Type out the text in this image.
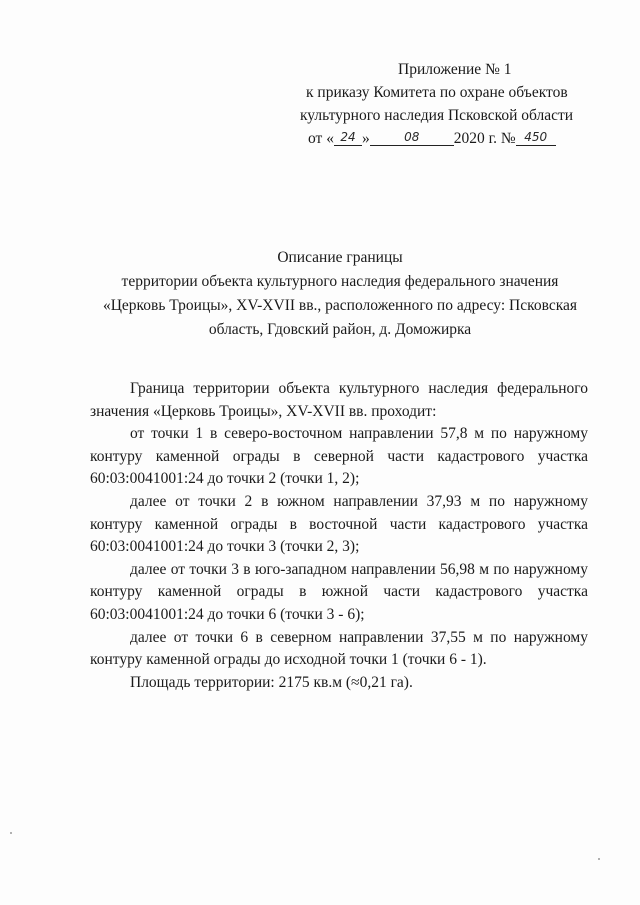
Приложение № 1
к приказу Комитета по охране объектов
культурного наследия Псковской области
от « 24 »	08 2020 г. № 450
Описание границы
территории объекта культурного наследия федерального значения
«Церковь Троицы», XV-XVII вв., расположенного по адресу: Псковская
область, Гдовский район, д. Доможирка

Граница территории объекта культурного наследия федерального значения «Церковь Троицы», XV-XVII вв. проходит:

от точки 1 в северо-восточном направлении 57,8 м по наружному контуру каменной ограды в северной части кадастрового участка 60:03:0041001:24 до точки 2 (точки 1, 2);

далее от точки 2 в южном направлении 37,93 м по наружному контуру каменной ограды в восточной части кадастрового участка 60:03:0041001:24 до точки 3 (точки 2, 3);

далее от точки 3 в юго-западном направлении 56,98 м по наружному контуру каменной ограды в южной части кадастрового участка 60:03:0041001:24 до точки 6 (точки 3 - 6);

далее от точки 6 в северном направлении 37,55 м по наружному контуру каменной ограды до исходной точки 1 (точки 6 - 1).

Площадь территории: 2175 кв.м (≈0,21 га).
